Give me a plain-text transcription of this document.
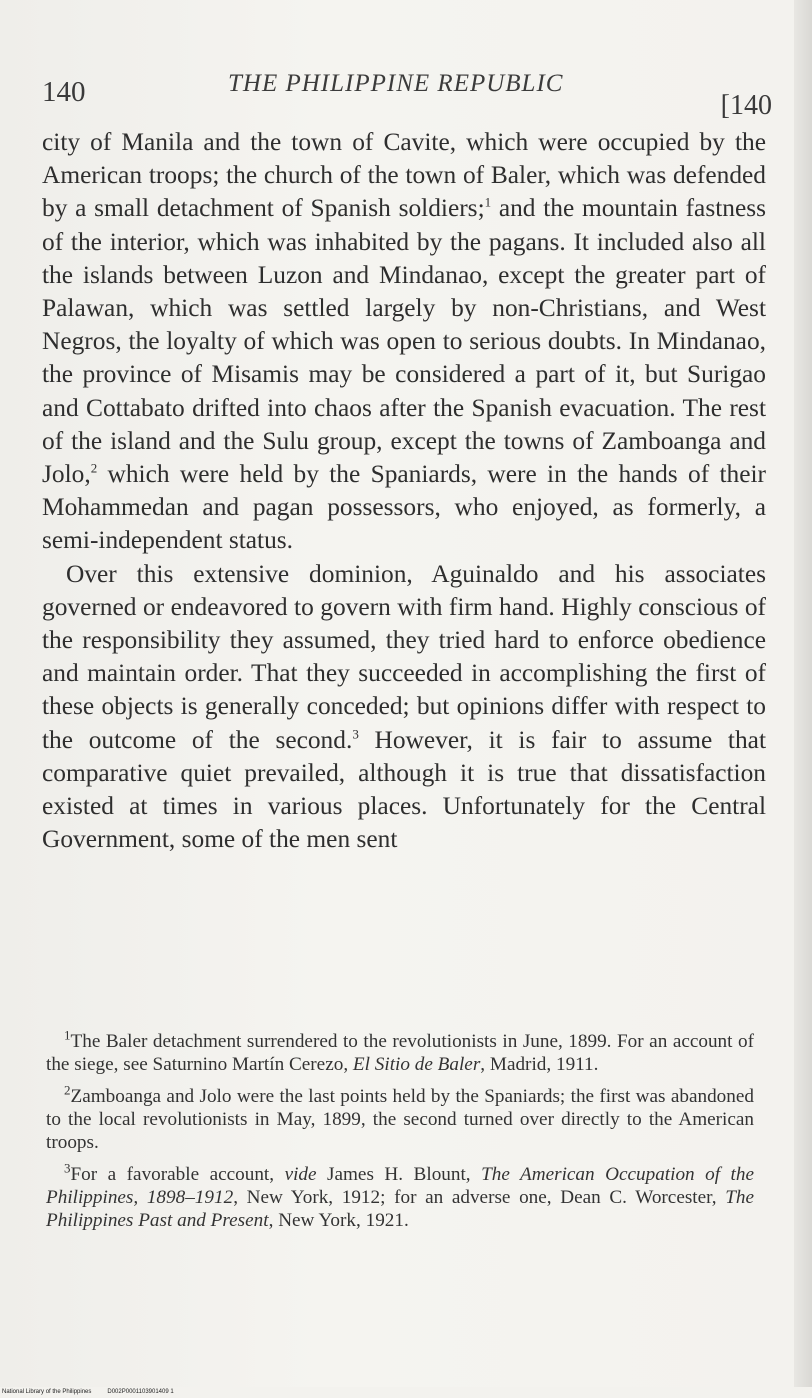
140	THE PHILIPPINE REPUBLIC
[140

city of Manila and the town of Cavite, which were occupied by the American troops; the church of the town of Baler, which was defended by a small detachment of Spanish soldiers;$^1$ and the mountain fastness of the interior, which was inhabited by the pagans. It included also all the islands between Luzon and Mindanao, except the greater part of Palawan, which was settled largely by non-Christians, and West Negros, the loyalty of which was open to serious doubts. In Mindanao, the province of Misamis may be considered a part of it, but Surigao and Cottabato drifted into chaos after the Spanish evacuation. The rest of the island and the Sulu group, except the towns of Zamboanga and Jolo,$^2$ which were held by the Spaniards, were in the hands of their Mohammedan and pagan possessors, who enjoyed, as formerly, a semi-independent status.

Over this extensive dominion, Aguinaldo and his associates governed or endeavored to govern with firm hand. Highly conscious of the responsibility they assumed, they tried hard to enforce obedience and maintain order. That they succeeded in accomplishing the first of these objects is generally conceded; but opinions differ with respect to the outcome of the second.$^3$ However, it is fair to assume that comparative quiet prevailed, although it is true that dissatisfaction existed at times in various places. Unfortunately for the Central Government, some of the men sent

$^1$The Baler detachment surrendered to the revolutionists in June, 1899. For an account of the siege, see Saturnino Martín Cerezo, El Sitio de Baler, Madrid, 1911.

$^2$Zamboanga and Jolo were the last points held by the Spaniards; the first was abandoned to the local revolutionists in May, 1899, the second turned over directly to the American troops.

$^3$For a favorable account, vide James H. Blount, The American Occupation of the Philippines, 1898–1912, New York, 1912; for an adverse one, Dean C. Worcester, The Philippines Past and Present, New York, 1921.

National Library of the Philippines	D002P0001103901409 1
